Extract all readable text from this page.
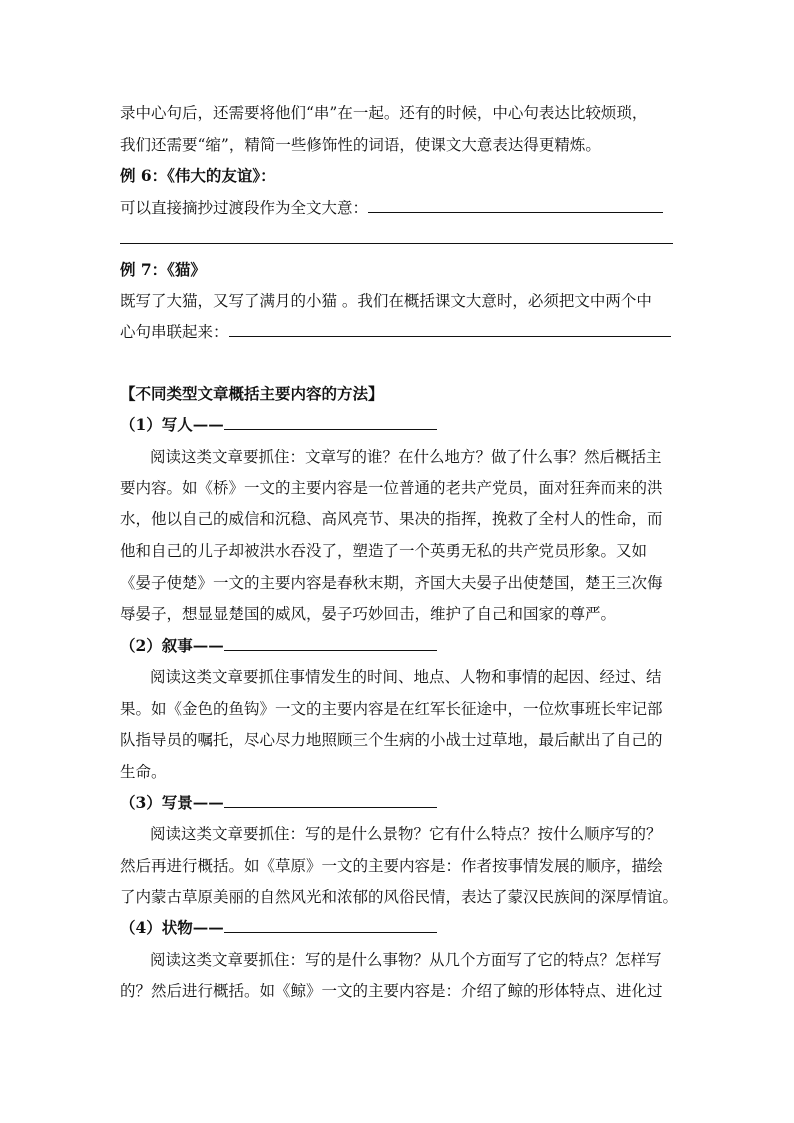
录中心句后，还需要将他们“串”在一起。还有的时候，中心句表达比较烦琐，
我们还需要“缩”，精简一些修饰性的词语，使课文大意表达得更精炼。
例 6：《伟大的友谊》：
可以直接摘抄过渡段作为全文大意：
例 7：《猫》
既写了大猫，又写了满月的小猫 。我们在概括课文大意时，必须把文中两个中
心句串联起来：
【不同类型文章概括主要内容的方法】
（1）写人——
阅读这类文章要抓住：文章写的谁？在什么地方？做了什么事？然后概括主
要内容。如《桥》一文的主要内容是一位普通的老共产党员，面对狂奔而来的洪
水，他以自己的威信和沉稳、高风亮节、果决的指挥，挽救了全村人的性命，而
他和自己的儿子却被洪水吞没了，塑造了一个英勇无私的共产党员形象。又如
《晏子使楚》一文的主要内容是春秋末期，齐国大夫晏子出使楚国，楚王三次侮
辱晏子，想显显楚国的威风，晏子巧妙回击，维护了自己和国家的尊严。
（2）叙事——
阅读这类文章要抓住事情发生的时间、地点、人物和事情的起因、经过、结
果。如《金色的鱼钩》一文的主要内容是在红军长征途中，一位炊事班长牢记部
队指导员的嘱托，尽心尽力地照顾三个生病的小战士过草地，最后献出了自己的
生命。
（3）写景——
阅读这类文章要抓住：写的是什么景物？它有什么特点？按什么顺序写的？
然后再进行概括。如《草原》一文的主要内容是：作者按事情发展的顺序，描绘
了内蒙古草原美丽的自然风光和浓郁的风俗民情，表达了蒙汉民族间的深厚情谊。
（4）状物——
阅读这类文章要抓住：写的是什么事物？从几个方面写了它的特点？怎样写
的？然后进行概括。如《鲸》一文的主要内容是：介绍了鲸的形体特点、进化过
